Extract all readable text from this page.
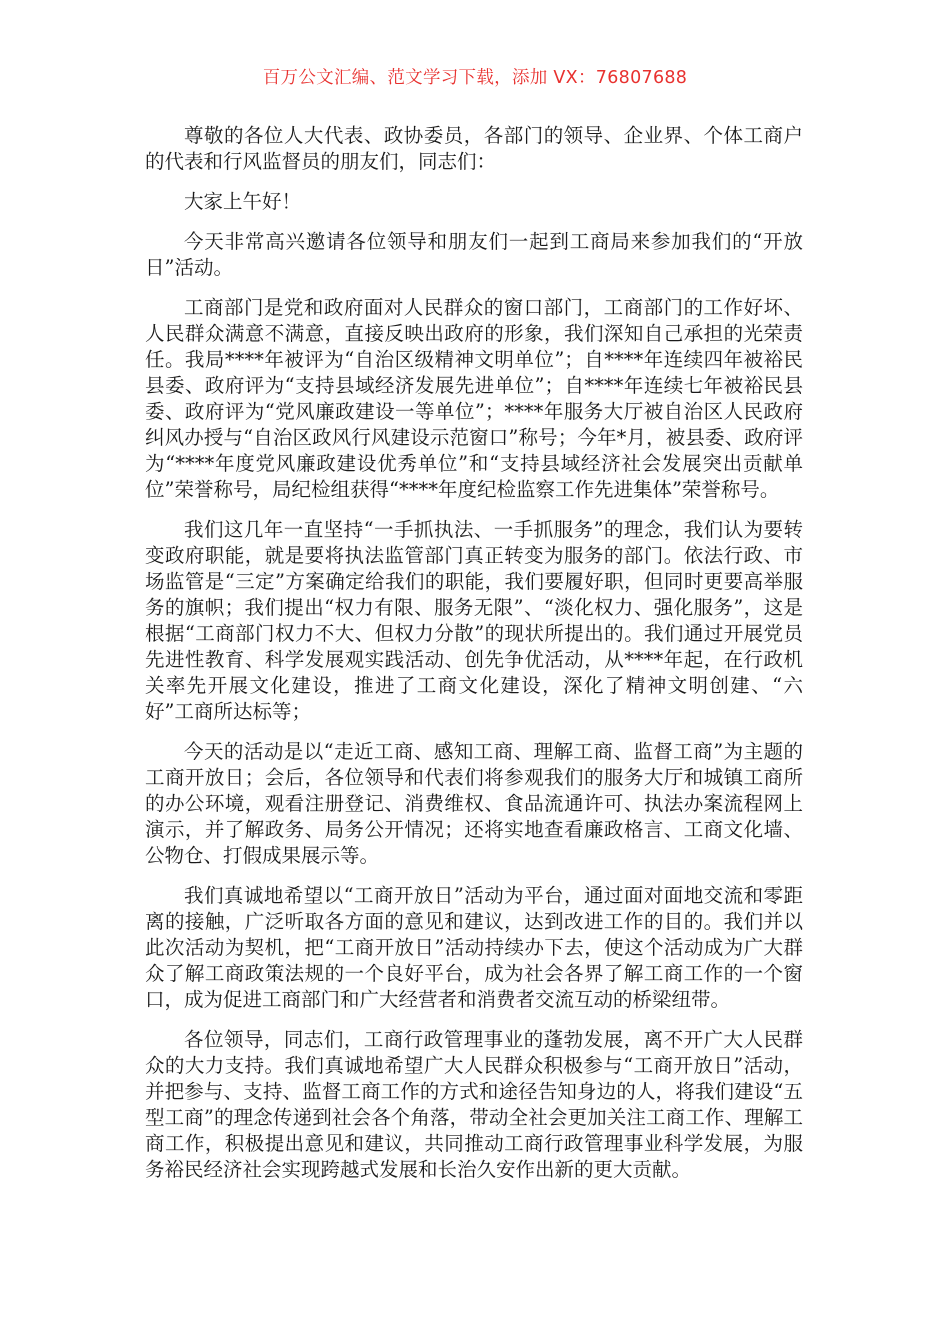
百万公文汇编、范文学习下载，添加 VX：76807688

尊敬的各位人大代表、政协委员，各部门的领导、企业界、个体工商户的代表和行风监督员的朋友们，同志们：

大家上午好！

今天非常高兴邀请各位领导和朋友们一起到工商局来参加我们的“开放日”活动。

工商部门是党和政府面对人民群众的窗口部门，工商部门的工作好坏、人民群众满意不满意，直接反映出政府的形象，我们深知自己承担的光荣责任。我局****年被评为“自治区级精神文明单位”；自****年连续四年被裕民县委、政府评为“支持县域经济发展先进单位”；自****年连续七年被裕民县委、政府评为“党风廉政建设一等单位”；****年服务大厅被自治区人民政府纠风办授与“自治区政风行风建设示范窗口”称号；今年*月，被县委、政府评为“****年度党风廉政建设优秀单位”和“支持县域经济社会发展突出贡献单位”荣誉称号，局纪检组获得“****年度纪检监察工作先进集体”荣誉称号。

我们这几年一直坚持“一手抓执法、一手抓服务”的理念，我们认为要转变政府职能，就是要将执法监管部门真正转变为服务的部门。依法行政、市场监管是“三定”方案确定给我们的职能，我们要履好职，但同时更要高举服务的旗帜；我们提出“权力有限、服务无限”、“淡化权力、强化服务”，这是根据“工商部门权力不大、但权力分散”的现状所提出的。我们通过开展党员先进性教育、科学发展观实践活动、创先争优活动，从****年起，在行政机关率先开展文化建设，推进了工商文化建设，深化了精神文明创建、“六好”工商所达标等；

今天的活动是以“走近工商、感知工商、理解工商、监督工商”为主题的工商开放日；会后，各位领导和代表们将参观我们的服务大厅和城镇工商所的办公环境，观看注册登记、消费维权、食品流通许可、执法办案流程网上演示，并了解政务、局务公开情况；还将实地查看廉政格言、工商文化墙、公物仓、打假成果展示等。

我们真诚地希望以“工商开放日”活动为平台，通过面对面地交流和零距离的接触，广泛听取各方面的意见和建议，达到改进工作的目的。我们并以此次活动为契机，把“工商开放日”活动持续办下去，使这个活动成为广大群众了解工商政策法规的一个良好平台，成为社会各界了解工商工作的一个窗口，成为促进工商部门和广大经营者和消费者交流互动的桥梁纽带。

各位领导，同志们，工商行政管理事业的蓬勃发展，离不开广大人民群众的大力支持。我们真诚地希望广大人民群众积极参与“工商开放日”活动，并把参与、支持、监督工商工作的方式和途径告知身边的人，将我们建设“五型工商”的理念传递到社会各个角落，带动全社会更加关注工商工作、理解工商工作，积极提出意见和建议，共同推动工商行政管理事业科学发展，为服务裕民经济社会实现跨越式发展和长治久安作出新的更大贡献。
